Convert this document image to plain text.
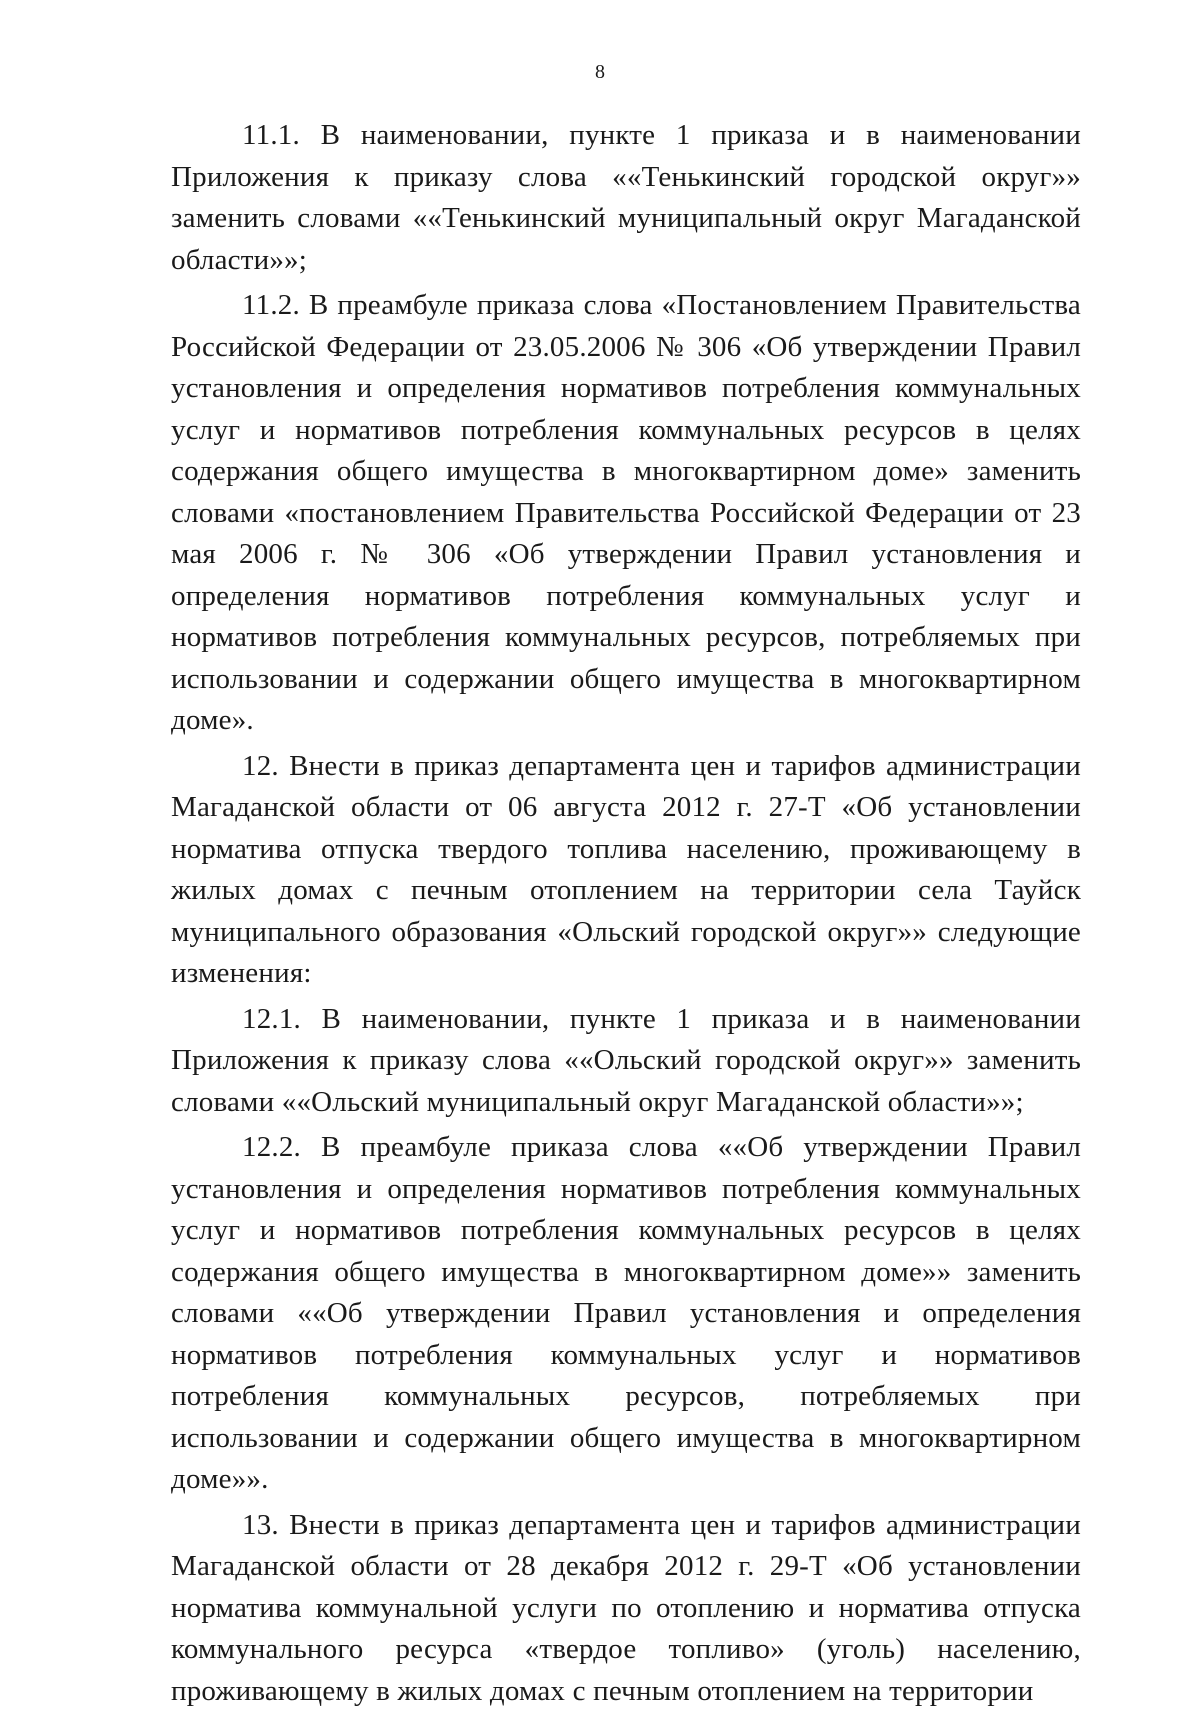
8

11.1. В наименовании, пункте 1 приказа и в наименовании Приложения к приказу слова ««Тенькинский городской округ»» заменить словами ««Тенькинский муниципальный округ Магаданской области»»;

11.2. В преамбуле приказа слова «Постановлением Правительства Российской Федерации от 23.05.2006 № 306 «Об утверждении Правил установления и определения нормативов потребления коммунальных услуг и нормативов потребления коммунальных ресурсов в целях содержания общего имущества в многоквартирном доме» заменить словами «постановлением Правительства Российской Федерации от 23 мая 2006 г. № 306 «Об утверждении Правил установления и определения нормативов потребления коммунальных услуг и нормативов потребления коммунальных ресурсов, потребляемых при использовании и содержании общего имущества в многоквартирном доме».

12. Внести в приказ департамента цен и тарифов администрации Магаданской области от 06 августа 2012 г. 27-Т «Об установлении норматива отпуска твердого топлива населению, проживающему в жилых домах с печным отоплением на территории села Тауйск муниципального образования «Ольский городской округ»» следующие изменения:

12.1. В наименовании, пункте 1 приказа и в наименовании Приложения к приказу слова ««Ольский городской округ»» заменить словами ««Ольский муниципальный округ Магаданской области»»;

12.2. В преамбуле приказа слова ««Об утверждении Правил установления и определения нормативов потребления коммунальных услуг и нормативов потребления коммунальных ресурсов в целях содержания общего имущества в многоквартирном доме»» заменить словами ««Об утверждении Правил установления и определения нормативов потребления коммунальных услуг и нормативов потребления коммунальных ресурсов, потребляемых при использовании и содержании общего имущества в многоквартирном доме»».

13. Внести в приказ департамента цен и тарифов администрации Магаданской области от 28 декабря 2012 г. 29-Т «Об установлении норматива коммунальной услуги по отоплению и норматива отпуска коммунального ресурса «твердое топливо» (уголь) населению, проживающему в жилых домах с печным отоплением на территории
